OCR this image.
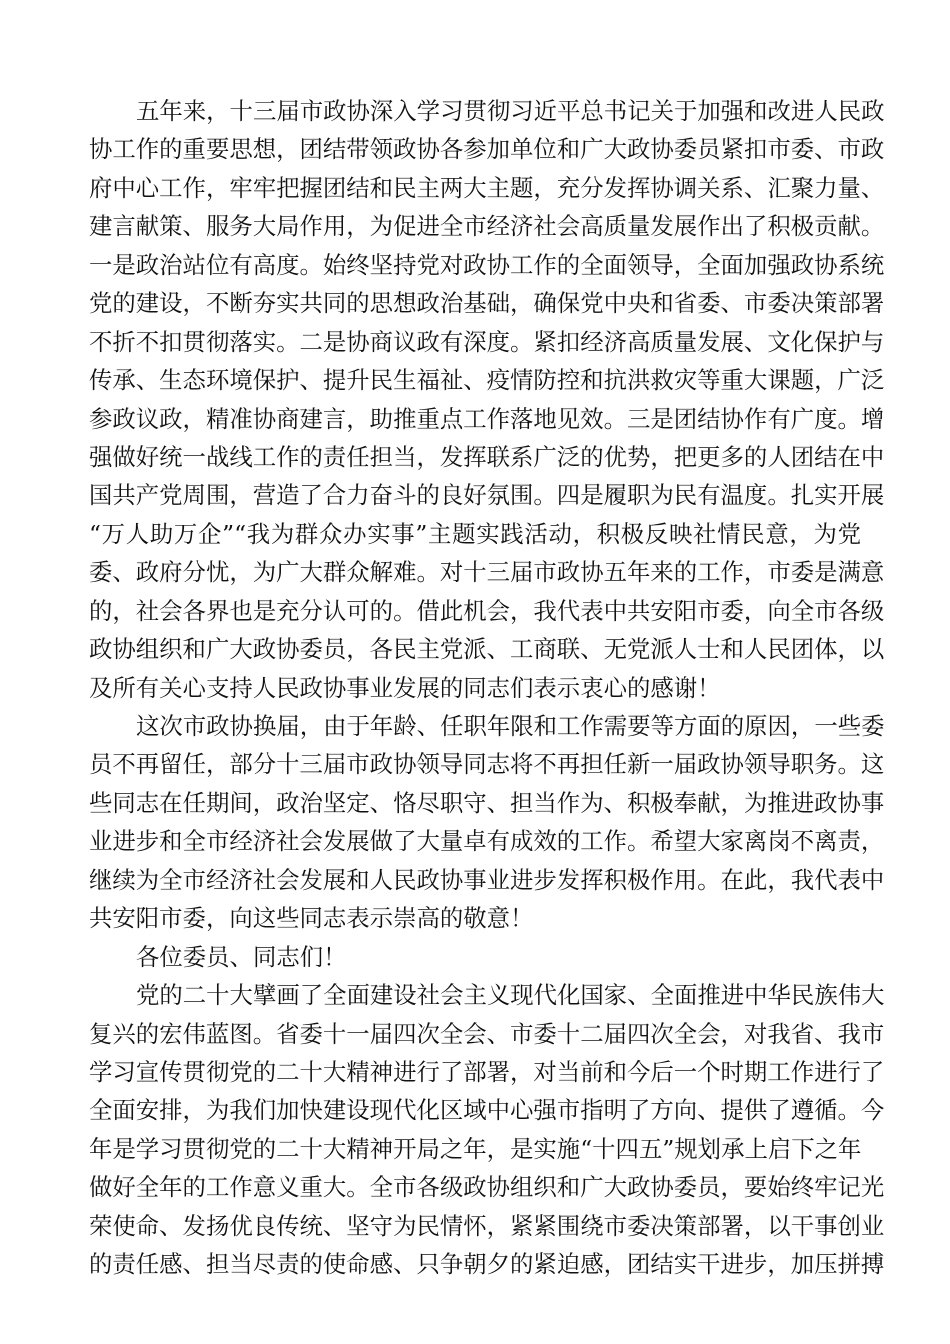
五年来，十三届市政协深入学习贯彻习近平总书记关于加强和改进人民政
协工作的重要思想，团结带领政协各参加单位和广大政协委员紧扣市委、市政
府中心工作，牢牢把握团结和民主两大主题，充分发挥协调关系、汇聚力量、
建言献策、服务大局作用，为促进全市经济社会高质量发展作出了积极贡献。
一是政治站位有高度。始终坚持党对政协工作的全面领导，全面加强政协系统
党的建设，不断夯实共同的思想政治基础，确保党中央和省委、市委决策部署
不折不扣贯彻落实。二是协商议政有深度。紧扣经济高质量发展、文化保护与
传承、生态环境保护、提升民生福祉、疫情防控和抗洪救灾等重大课题，广泛
参政议政，精准协商建言，助推重点工作落地见效。三是团结协作有广度。增
强做好统一战线工作的责任担当，发挥联系广泛的优势，把更多的人团结在中
国共产党周围，营造了合力奋斗的良好氛围。四是履职为民有温度。扎实开展
“万人助万企”“我为群众办实事”主题实践活动，积极反映社情民意，为党
委、政府分忧，为广大群众解难。对十三届市政协五年来的工作，市委是满意
的，社会各界也是充分认可的。借此机会，我代表中共安阳市委，向全市各级
政协组织和广大政协委员，各民主党派、工商联、无党派人士和人民团体，以
及所有关心支持人民政协事业发展的同志们表示衷心的感谢！
这次市政协换届，由于年龄、任职年限和工作需要等方面的原因，一些委
员不再留任，部分十三届市政协领导同志将不再担任新一届政协领导职务。这
些同志在任期间，政治坚定、恪尽职守、担当作为、积极奉献，为推进政协事
业进步和全市经济社会发展做了大量卓有成效的工作。希望大家离岗不离责，
继续为全市经济社会发展和人民政协事业进步发挥积极作用。在此，我代表中
共安阳市委，向这些同志表示崇高的敬意！
各位委员、同志们！
党的二十大擘画了全面建设社会主义现代化国家、全面推进中华民族伟大
复兴的宏伟蓝图。省委十一届四次全会、市委十二届四次全会，对我省、我市
学习宣传贯彻党的二十大精神进行了部署，对当前和今后一个时期工作进行了
全面安排，为我们加快建设现代化区域中心强市指明了方向、提供了遵循。今
年是学习贯彻党的二十大精神开局之年，是实施“十四五”规划承上启下之年
做好全年的工作意义重大。全市各级政协组织和广大政协委员，要始终牢记光
荣使命、发扬优良传统、坚守为民情怀，紧紧围绕市委决策部署，以干事创业
的责任感、担当尽责的使命感、只争朝夕的紧迫感，团结实干进步，加压拼搏
